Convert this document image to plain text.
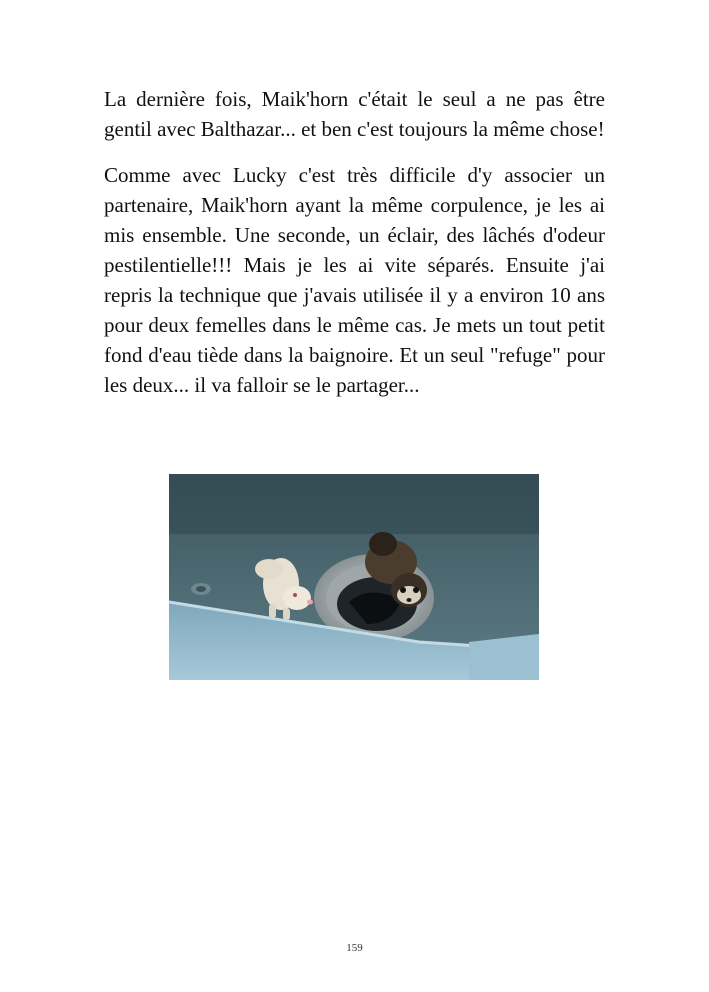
La dernière fois, Maik'horn c'était le seul a ne pas être gentil avec Balthazar... et ben c'est toujours la même chose!

Comme avec Lucky c'est très difficile d'y associer un partenaire, Maik'horn ayant la même corpulence, je les ai mis ensemble. Une seconde, un éclair, des lâchés d'odeur pestilentielle!!! Mais je les ai vite séparés. Ensuite j'ai repris la technique que j'avais utilisée il y a environ 10 ans pour deux femelles dans le même cas. Je mets un tout petit fond d'eau tiède dans la baignoire. Et un seul "refuge" pour les deux... il va falloir se le partager...

159
